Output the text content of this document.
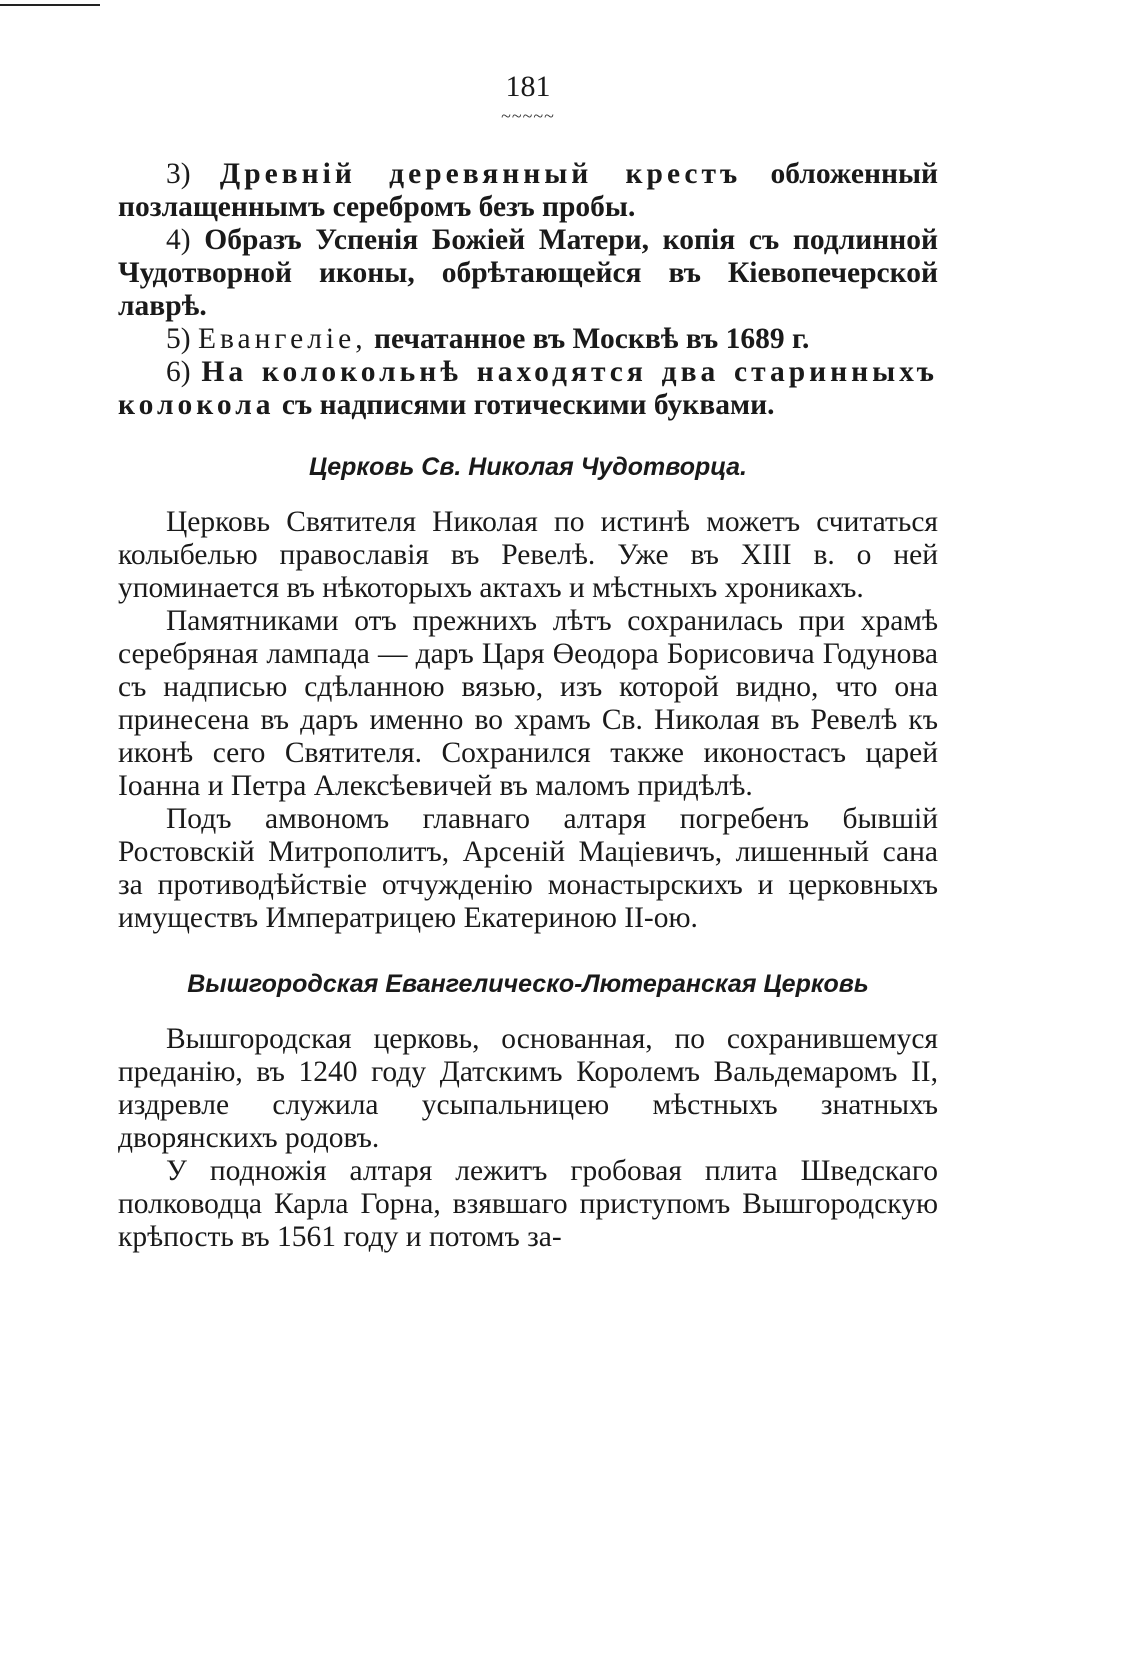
181
~~~~~

3) Древнiй деревянный крестъ обложенный позлащеннымъ серебромъ безъ пробы.

4) Образъ Успенiя Божiей Матери, копiя съ подлинной Чудотворной иконы, обрѣтающейся въ Кiевопечерской лаврѣ.

5) Евангелiе, печатанное въ Москвѣ въ 1689 г.

6) На колокольнѣ находятся два старинныхъ колокола съ надписями готическими буквами.

Церковь Св. Николая Чудотворца.

Церковь Святителя Николая по истинѣ можетъ считаться колыбелью православiя въ Ревелѣ. Уже въ XIII в. о ней упоминается въ нѣкоторыхъ актахъ и мѣстныхъ хроникахъ.

Памятниками отъ прежнихъ лѣтъ сохранилась при храмѣ серебряная лампада — даръ Царя Өеодора Борисовича Годунова съ надписью сдѣланною вязью, изъ которой видно, что она принесена въ даръ именно во храмъ Св. Николая въ Ревелѣ къ иконѣ сего Святителя. Сохранился также иконостасъ царей Iоанна и Петра Алексѣевичей въ маломъ придѣлѣ.

Подъ амвономъ главнаго алтаря погребенъ бывшiй Ростовскiй Митрополитъ, Арсенiй Мацiевичъ, лишенный сана за противодѣйствiе отчужденiю монастырскихъ и церковныхъ имуществъ Императрицею Екатериною II-ою.

Вышгородская Евангелическо-Лютеранская Церковь

Вышгородская церковь, основанная, по сохранившемуся преданiю, въ 1240 году Датскимъ Королемъ Вальдемаромъ II, издревле служила усыпальницею мѣстныхъ знатныхъ дворянскихъ родовъ.

У подножiя алтаря лежитъ гробовая плита Шведскаго полководца Карла Горна, взявшаго приступомъ Вышгородскую крѣпость въ 1561 году и потомъ за-
